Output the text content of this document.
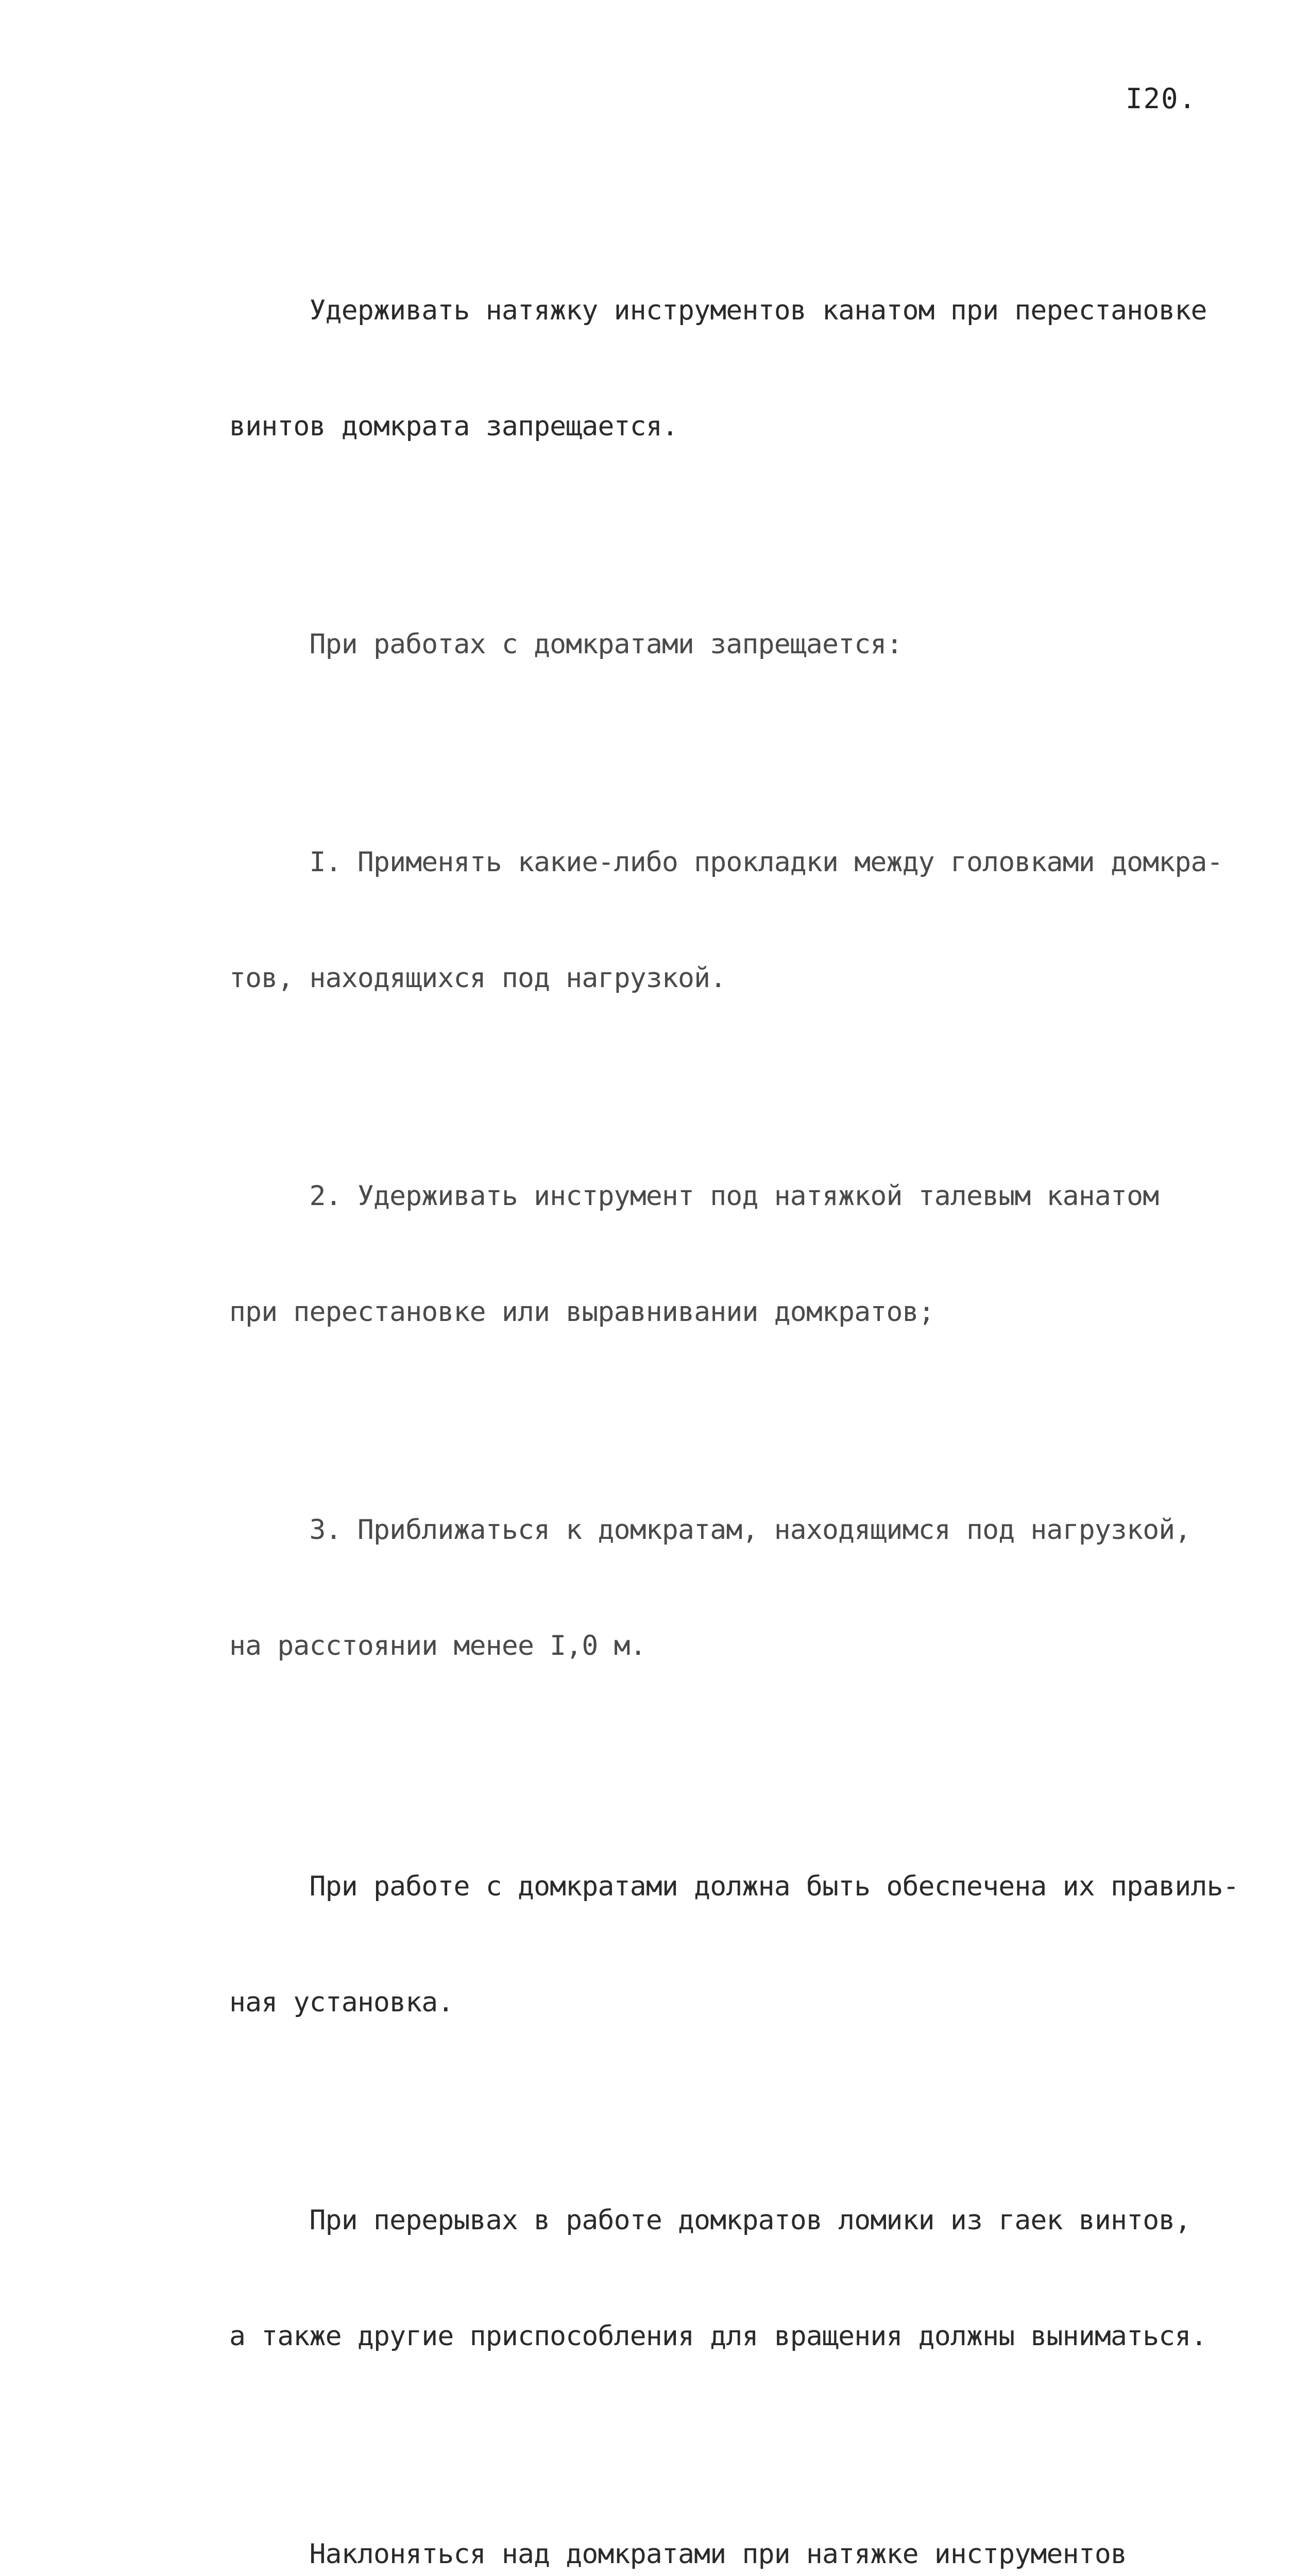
I20.

Удерживать натяжку инструментов канатом при перестановке

винтов домкрата запрещается.

При работах с домкратами запрещается:

I. Применять какие-либо прокладки между головками домкра-

тов, находящихся под нагрузкой.

2. Удерживать инструмент под натяжкой талевым канатом

при перестановке или выравнивании домкратов;

3. Приближаться к домкратам, находящимся под нагрузкой,

на расстоянии менее I,0 м.

При работе с домкратами должна быть обеспечена их правиль-

ная установка.

При перерывах в работе домкратов ломики из гаек винтов,

а также другие приспособления для вращения должны выниматься.

Наклоняться над домкратами при натяжке инструментов
